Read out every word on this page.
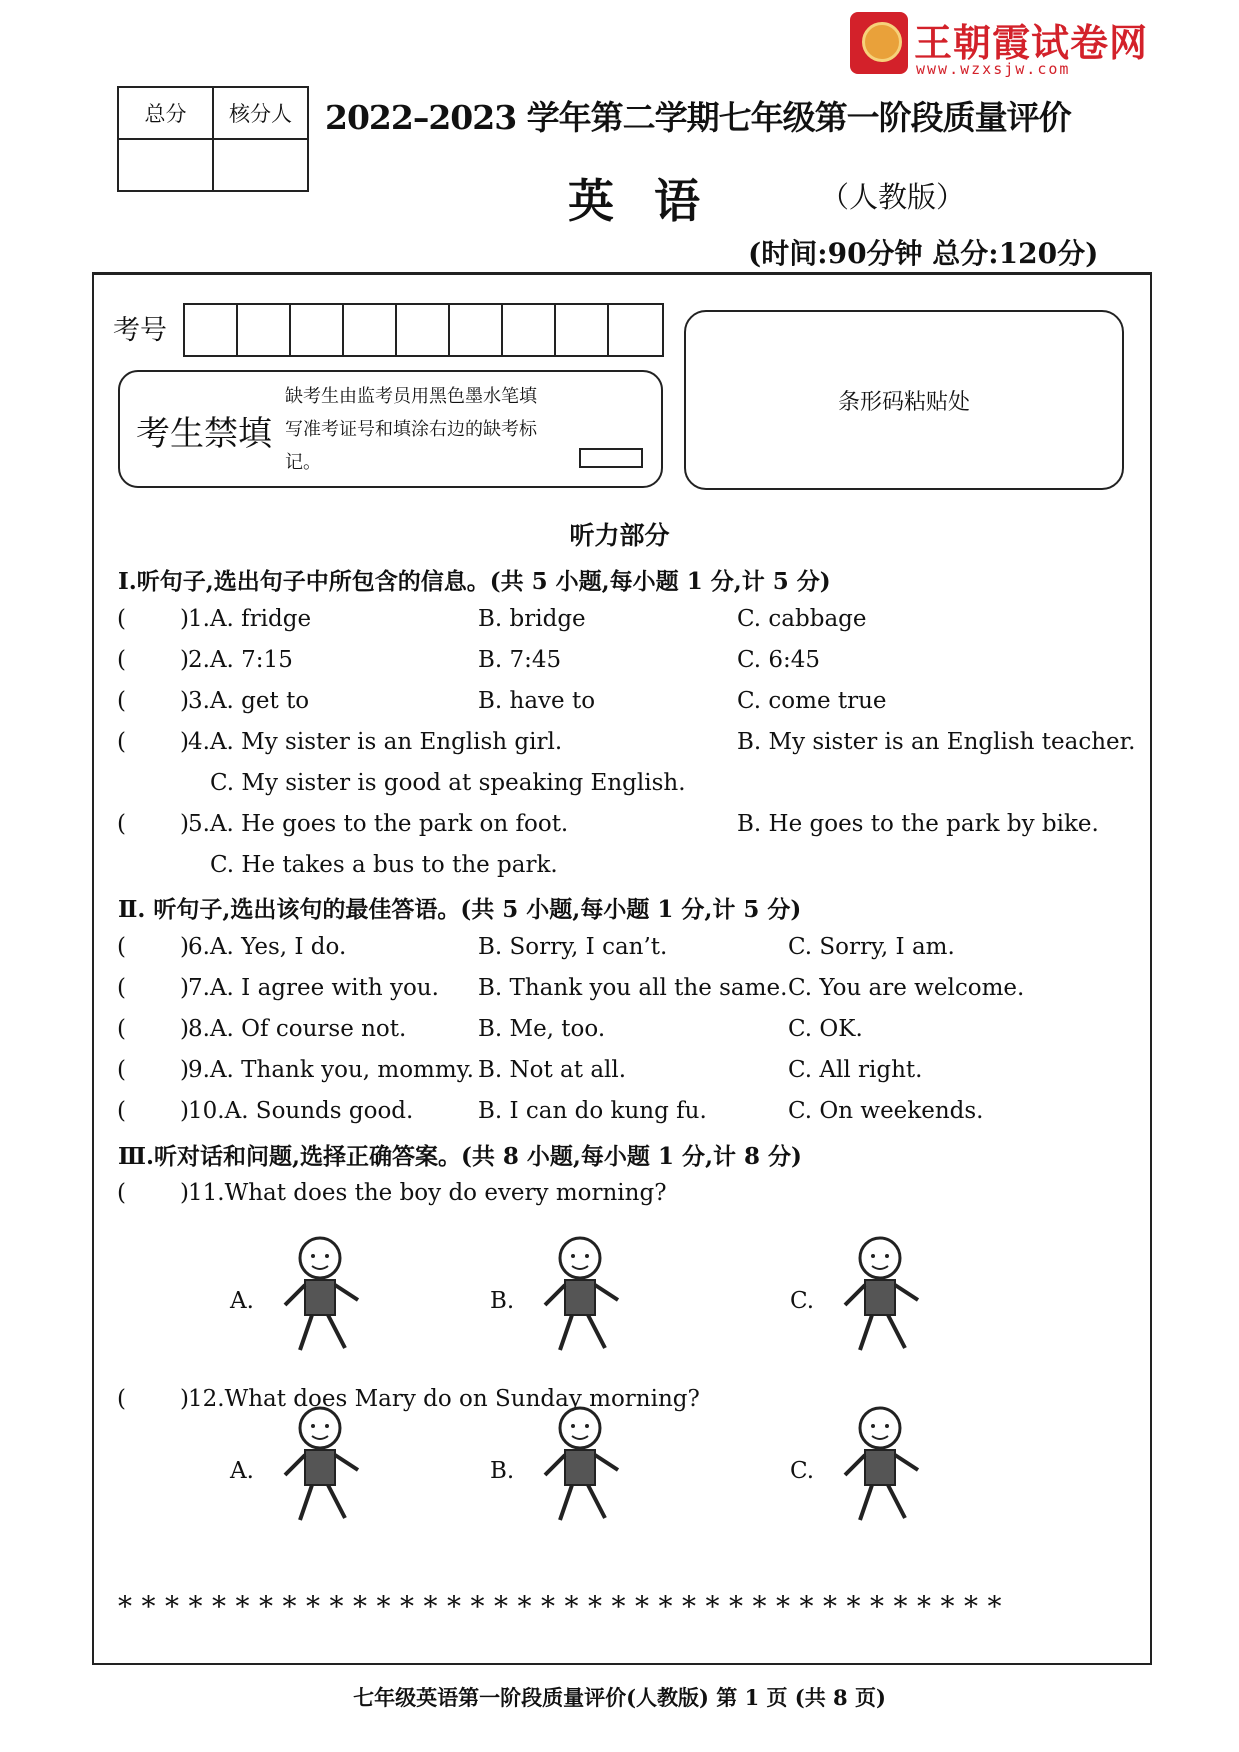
王朝霞试卷网
www.wzxsjw.com
总分	核分人
	2022–2023 学年第二学期七年级第一阶段质量评价
英语	（人教版）
(时间:90分钟 总分:120分)
考号
考生禁填
缺考生由监考员用黑色墨水笔填写准考证号和填涂右边的缺考标记。
条形码粘贴处
听力部分
Ⅰ.听句子,选出句子中所包含的信息。(共 5 小题,每小题 1 分,计 5 分)
( ) 1.A. fridge	B. bridge	C. cabbage
( ) 2.A. 7:15	B. 7:45	C. 6:45
( ) 3.A. get to	B. have to	C. come true
( ) 4.A. My sister is an English girl.	B. My sister is an English teacher.
C. My sister is good at speaking English.
( ) 5.A. He goes to the park on foot.	B. He goes to the park by bike.
C. He takes a bus to the park.
Ⅱ. 听句子,选出该句的最佳答语。(共 5 小题,每小题 1 分,计 5 分)
( ) 6.A. Yes, I do.	B. Sorry, I can’t.	C. Sorry, I am.
( ) 7.A. I agree with you. B. Thank you all the same. C. You are welcome.
( ) 8.A. Of course not.	B. Me, too.	C. OK.
( ) 9.A. Thank you, mommy. B. Not at all.	C. All right.
( ) 10.A. Sounds good.	B. I can do kung fu.	C. On weekends.
Ⅲ.听对话和问题,选择正确答案。(共 8 小题,每小题 1 分,计 8 分)
( ) 11.What does the boy do every morning?
A.	B.	C.
( ) 12.What does Mary do on Sunday morning?
A.	B.	C.
**************************************
七年级英语第一阶段质量评价(人教版) 第 1 页 (共 8 页)
